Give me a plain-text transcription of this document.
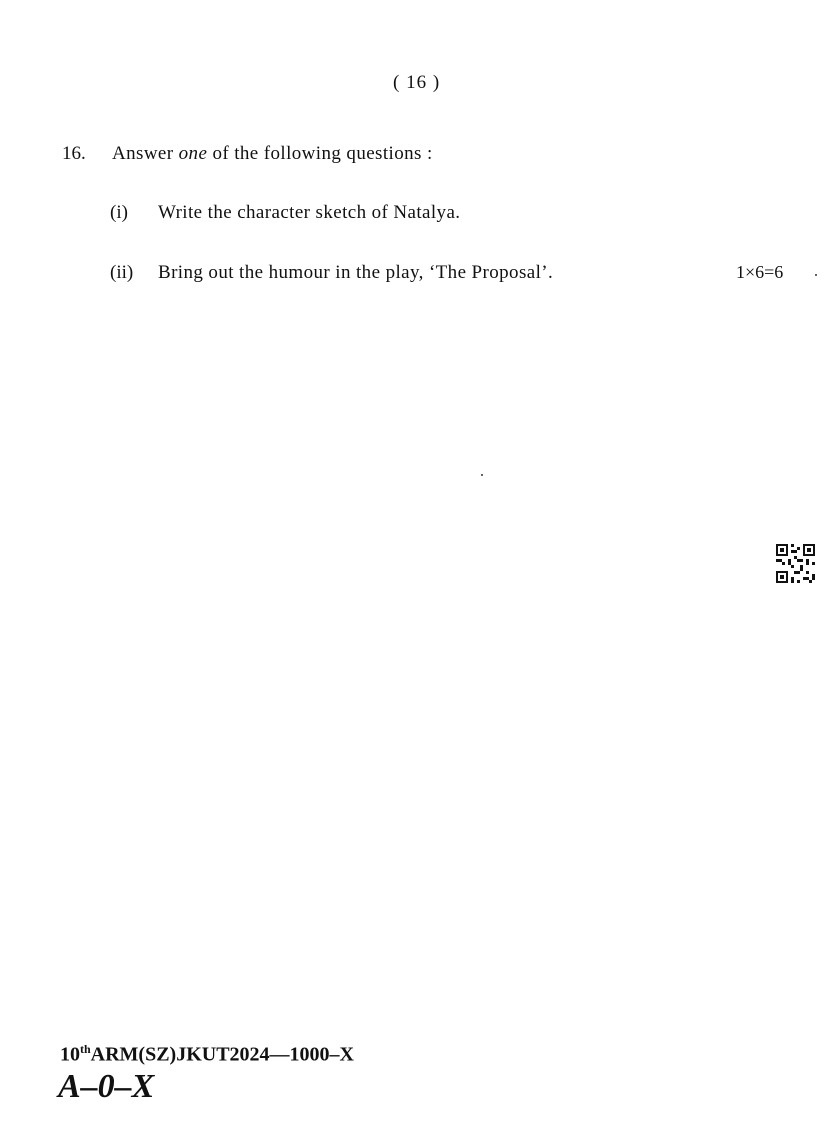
( 16 )
16. Answer one of the following questions :
(i) Write the character sketch of Natalya.
(ii) Bring out the humour in the play, ‘The Proposal’.	1×6=6
10thARM(SZ)JKUT2024—1000–X
A–0–X
